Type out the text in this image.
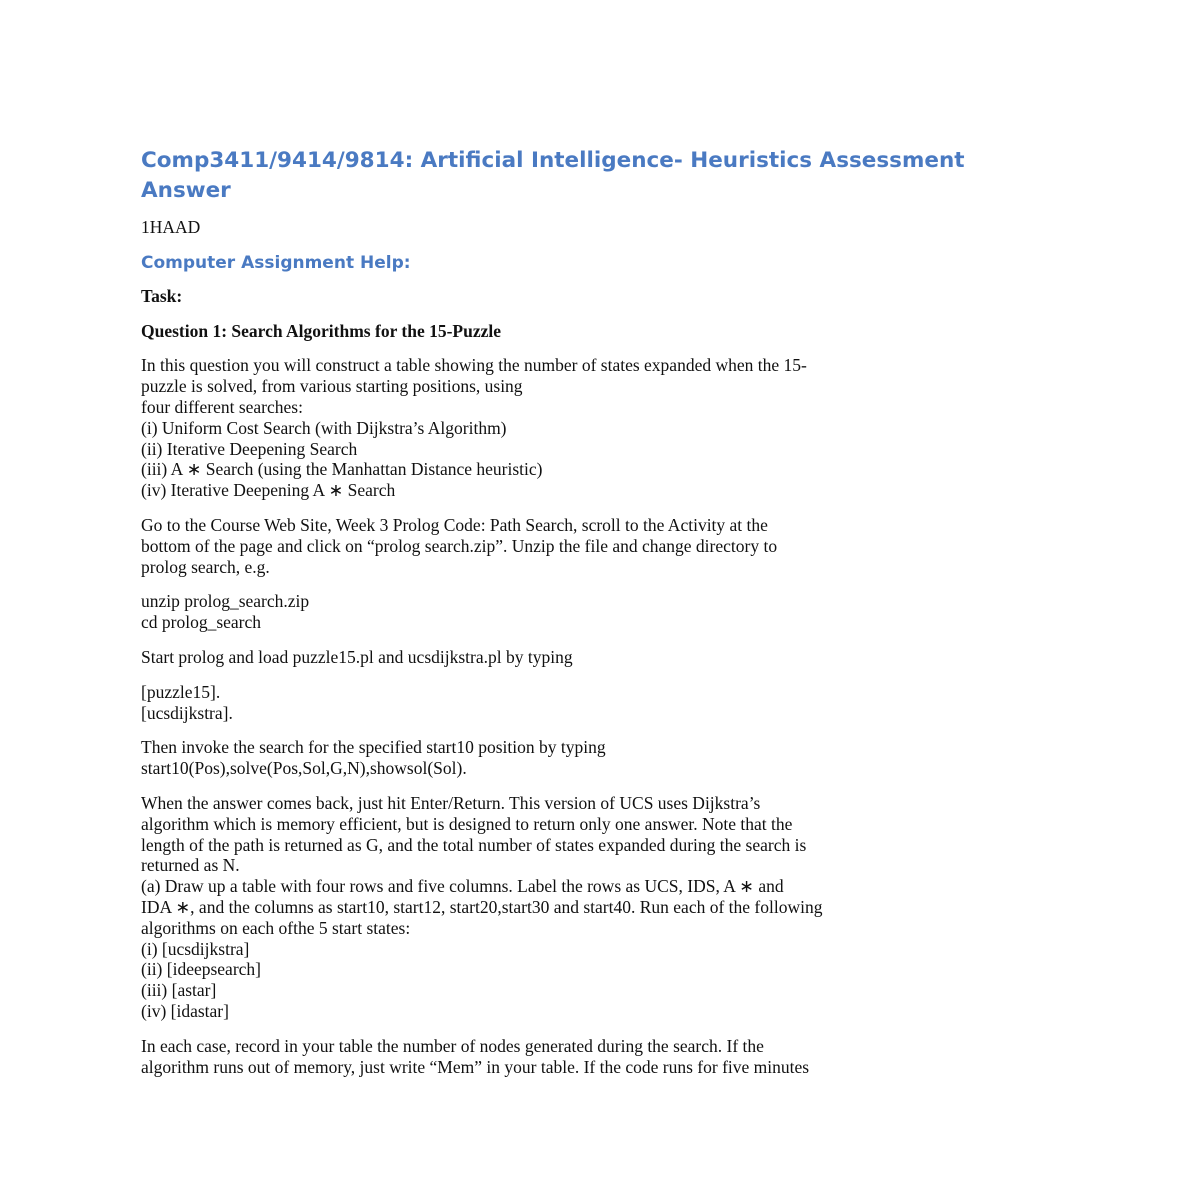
Comp3411/9414/9814: Artificial Intelligence- Heuristics Assessment
Answer
1HAAD
Computer Assignment Help:
Task:
Question 1: Search Algorithms for the 15-Puzzle
In this question you will construct a table showing the number of states expanded when the 15-
puzzle is solved, from various starting positions, using
four different searches:
(i) Uniform Cost Search (with Dijkstra’s Algorithm)
(ii) Iterative Deepening Search
(iii) A ∗ Search (using the Manhattan Distance heuristic)
(iv) Iterative Deepening A ∗ Search
Go to the Course Web Site, Week 3 Prolog Code: Path Search, scroll to the Activity at the
bottom of the page and click on “prolog search.zip”. Unzip the file and change directory to
prolog search, e.g.
unzip prolog_search.zip
cd prolog_search
Start prolog and load puzzle15.pl and ucsdijkstra.pl by typing
[puzzle15].
[ucsdijkstra].
Then invoke the search for the specified start10 position by typing
start10(Pos),solve(Pos,Sol,G,N),showsol(Sol).
When the answer comes back, just hit Enter/Return. This version of UCS uses Dijkstra’s
algorithm which is memory efficient, but is designed to return only one answer. Note that the
length of the path is returned as G, and the total number of states expanded during the search is
returned as N.
(a) Draw up a table with four rows and five columns. Label the rows as UCS, IDS, A ∗ and
IDA ∗, and the columns as start10, start12, start20,start30 and start40. Run each of the following
algorithms on each ofthe 5 start states:
(i) [ucsdijkstra]
(ii) [ideepsearch]
(iii) [astar]
(iv) [idastar]
In each case, record in your table the number of nodes generated during the search. If the
algorithm runs out of memory, just write “Mem” in your table. If the code runs for five minutes
